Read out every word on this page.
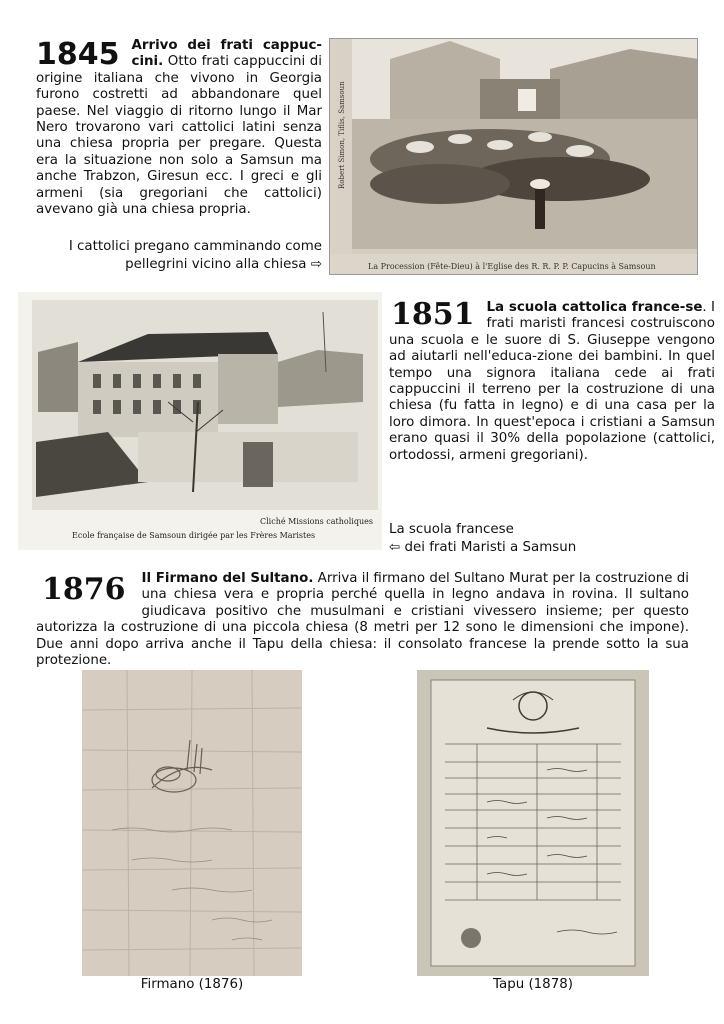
1845 Arrivo dei frati cappuc-cini. Otto frati cappuccini di origine italiana che vivono in Georgia furono costretti ad abbandonare quel paese. Nel viaggio di ritorno lungo il Mar Nero trovarono vari cattolici latini senza una chiesa propria per pregare. Questa era la situazione non solo a Samsun ma anche Trabzon, Giresun ecc. I greci e gli armeni (sia gregoriani che cattolici) avevano già una chiesa propria.
I cattolici pregano camminando come pellegrini vicino alla chiesa ⇨
Robert Simon, Tiflis, Samsoun
La Procession (Fête-Dieu) à l'Eglise des R. R. P. P. Capucins à Samsoun
Cliché Missions catholiques
Ecole française de Samsoun dirigée par les Frères Maristes
1851 La scuola cattolica france-se. I frati maristi francesi costruiscono una scuola e le suore di S. Giuseppe vengono ad aiutarli nell'educa-zione dei bambini. In quel tempo una signora italiana cede ai frati cappuccini il terreno per la costruzione di una chiesa (fu fatta in legno) e di una casa per la loro dimora. In quest'epoca i cristiani a Samsun erano quasi il 30% della popolazione (cattolici, ortodossi, armeni gregoriani).
La scuola francese
⇦ dei frati Maristi a Samsun
1876 Il Firmano del Sultano. Arriva il firmano del Sultano Murat per la costruzione di una chiesa vera e propria perché quella in legno andava in rovina. Il sultano giudicava positivo che musulmani e cristiani vivessero insieme; per questo autorizza la costruzione di una piccola chiesa (8 metri per 12 sono le dimensioni che impone). Due anni dopo arriva anche il Tapu della chiesa: il consolato francese la prende sotto la sua protezione.
Firmano (1876)	Tapu (1878)
